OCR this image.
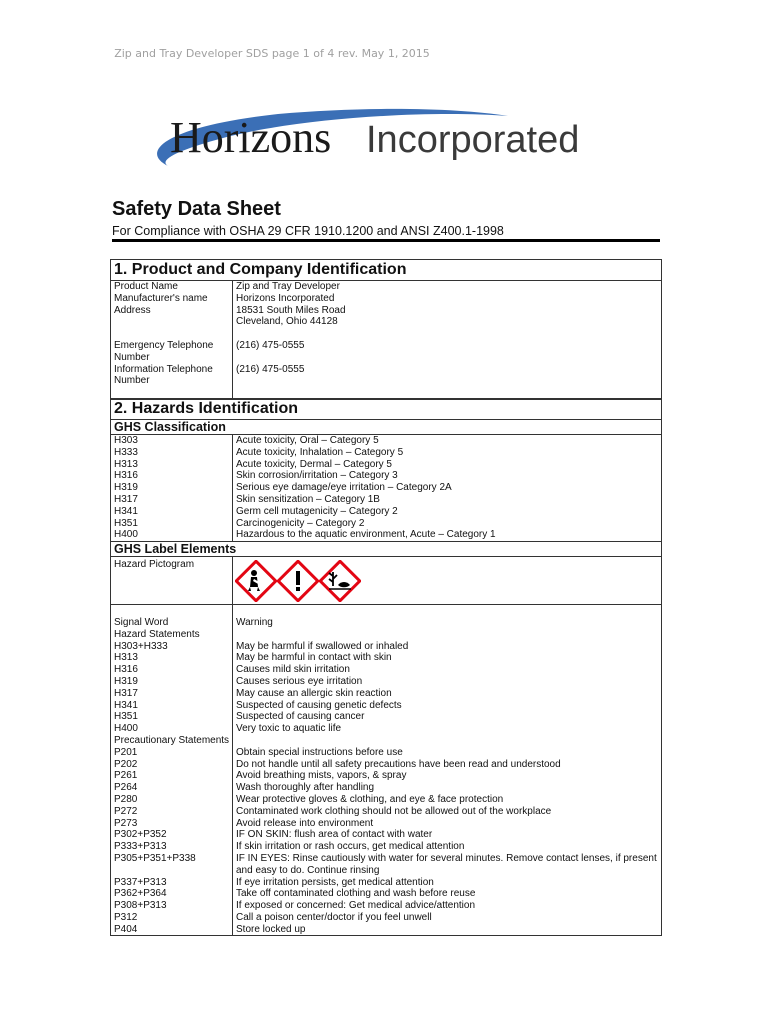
Zip and Tray Developer SDS page 1 of 4 rev. May 1, 2015
Horizons Incorporated
Safety Data Sheet
For Compliance with OSHA 29 CFR 1910.1200 and ANSI Z400.1-1998
1. Product and Company Identification
Product Name	Zip and Tray Developer
Manufacturer's name	Horizons Incorporated
Address	18531 South Miles Road

Cleveland, Ohio 44128

Emergency Telephone	(216) 475-0555
Number

Information Telephone	(216) 475-0555
Number

2. Hazards Identification
GHS Classification
H303	Acute toxicity, Oral – Category 5
H333	Acute toxicity, Inhalation – Category 5
H313	Acute toxicity, Dermal – Category 5
H316	Skin corrosion/irritation – Category 3
H319	Serious eye damage/eye irritation – Category 2A
H317	Skin sensitization – Category 1B
H341	Germ cell mutagenicity – Category 2
H351	Carcinogenicity – Category 2
H400	Hazardous to the aquatic environment, Acute – Category 1
GHS Label Elements
Hazard Pictogram

Signal Word	Warning
Hazard Statements

H303+H333	May be harmful if swallowed or inhaled
H313	May be harmful in contact with skin
H316	Causes mild skin irritation
H319	Causes serious eye irritation
H317	May cause an allergic skin reaction
H341	Suspected of causing genetic defects
H351	Suspected of causing cancer
H400	Very toxic to aquatic life
Precautionary Statements

P201	Obtain special instructions before use
P202	Do not handle until all safety precautions have been read and understood
P261	Avoid breathing mists, vapors, & spray
P264	Wash thoroughly after handling
P280	Wear protective gloves & clothing, and eye & face protection
P272	Contaminated work clothing should not be allowed out of the workplace
P273	Avoid release into environment
P302+P352	IF ON SKIN: flush area of contact with water
P333+P313	If skin irritation or rash occurs, get medical attention
P305+P351+P338	IF IN EYES: Rinse cautiously with water for several minutes. Remove contact lenses, if present

and easy to do. Continue rinsing
P337+P313	If eye irritation persists, get medical attention
P362+P364	Take off contaminated clothing and wash before reuse
P308+P313	If exposed or concerned: Get medical advice/attention
P312	Call a poison center/doctor if you feel unwell
P404	Store locked up
